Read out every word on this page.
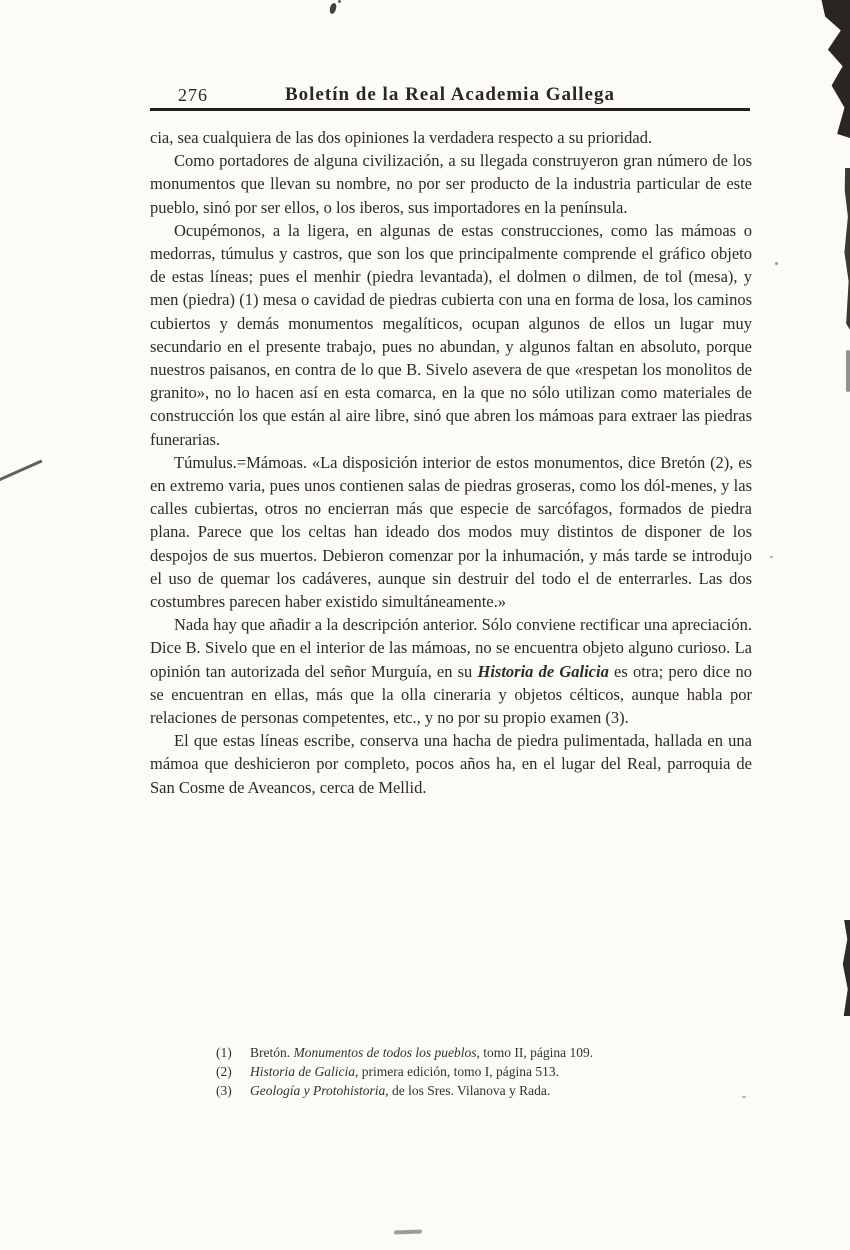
276	Boletín de la Real Academia Gallega

cia, sea cualquiera de las dos opiniones la verdadera respecto a su prioridad.

Como portadores de alguna civilización, a su llegada construyeron gran número de los monumentos que llevan su nombre, no por ser producto de la industria particular de este pueblo, sinó por ser ellos, o los iberos, sus importadores en la península.

Ocupémonos, a la ligera, en algunas de estas construcciones, como las mámoas o medorras, túmulus y castros, que son los que principalmente comprende el gráfico objeto de estas líneas; pues el menhir (piedra levantada), el dolmen o dilmen, de tol (mesa), y men (piedra) (1) mesa o cavidad de piedras cubierta con una en forma de losa, los caminos cubiertos y demás monumentos megalíticos, ocupan algunos de ellos un lugar muy secundario en el presente trabajo, pues no abundan, y algunos faltan en absoluto, porque nuestros paisanos, en contra de lo que B. Sivelo asevera de que «respetan los monolitos de granito», no lo hacen así en esta comarca, en la que no sólo utilizan como materiales de construcción los que están al aire libre, sinó que abren los mámoas para extraer las piedras funerarias.

Túmulus.=Mámoas. «La disposición interior de estos monumentos, dice Bretón (2), es en extremo varia, pues unos contienen salas de piedras groseras, como los dól-menes, y las calles cubiertas, otros no encierran más que especie de sarcófagos, formados de piedra plana. Parece que los celtas han ideado dos modos muy distintos de disponer de los despojos de sus muertos. Debieron comenzar por la inhumación, y más tarde se introdujo el uso de quemar los cadáveres, aunque sin destruir del todo el de enterrarles. Las dos costumbres parecen haber existido simultáneamente.»

Nada hay que añadir a la descripción anterior. Sólo conviene rectificar una apreciación. Dice B. Sivelo que en el interior de las mámoas, no se encuentra objeto alguno curioso. La opinión tan autorizada del señor Murguía, en su Historia de Galicia es otra; pero dice no se encuentran en ellas, más que la olla cineraria y objetos célticos, aunque habla por relaciones de personas competentes, etc., y no por su propio examen (3).

El que estas líneas escribe, conserva una hacha de piedra pulimentada, hallada en una mámoa que deshicieron por completo, pocos años ha, en el lugar del Real, parroquia de San Cosme de Aveancos, cerca de Mellid.

(1) Bretón. Monumentos de todos los pueblos, tomo II, página 109.
(2) Historia de Galicia, primera edición, tomo I, página 513.
(3) Geología y Protohistoria, de los Sres. Vilanova y Rada.
